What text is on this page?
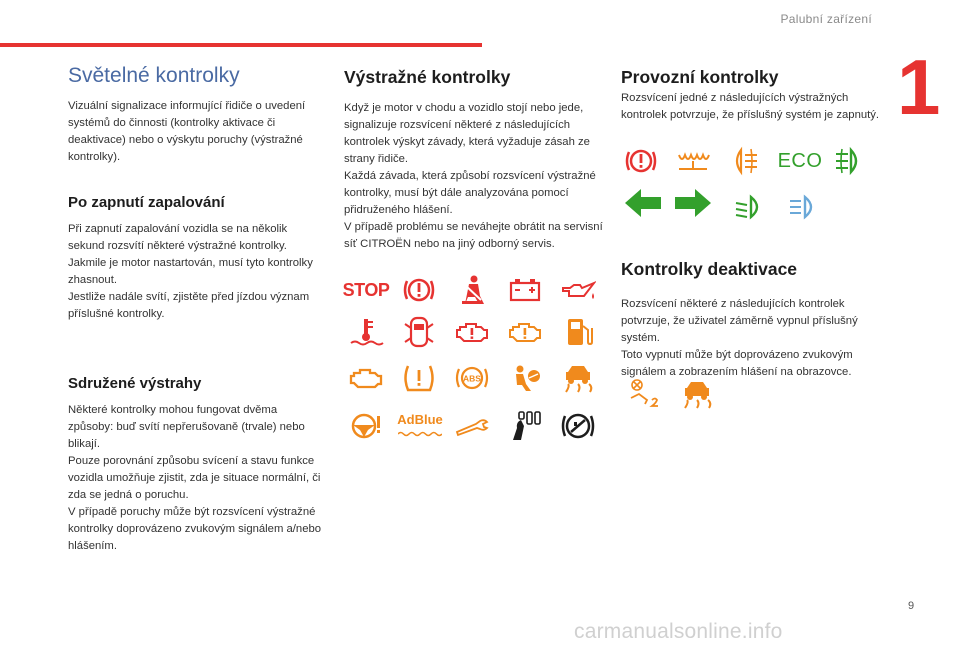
Palubní zařízení
1
9
carmanualsonline.info
Světelné kontrolky

Vizuální signalizace informující řidiče o uvedení systémů do činnosti (kontrolky aktivace či deaktivace) nebo o výskytu poruchy (výstražné kontrolky).

Po zapnutí zapalování

Při zapnutí zapalování vozidla se na několik sekund rozsvítí některé výstražné kontrolky. Jakmile je motor nastartován, musí tyto kontrolky zhasnout.
Jestliže nadále svítí, zjistěte před jízdou význam příslušné kontrolky.

Sdružené výstrahy

Některé kontrolky mohou fungovat dvěma způsoby: buď svítí nepřerušovaně (trvale) nebo blikají.
Pouze porovnání způsobu svícení a stavu funkce vozidla umožňuje zjistit, zda je situace normální, či zda se jedná o poruchu.
V případě poruchy může být rozsvícení výstražné kontrolky doprovázeno zvukovým signálem a/nebo hlášením.

Výstražné kontrolky

Když je motor v chodu a vozidlo stojí nebo jede, signalizuje rozsvícení některé z následujících kontrolek výskyt závady, která vyžaduje zásah ze strany řidiče.
Každá závada, která způsobí rozsvícení výstražné kontrolky, musí být dále analyzována pomocí přidruženého hlášení.
V případě problému se neváhejte obrátit na servisní síť CITROËN nebo na jiný odborný servis.

STOP
ABS
AdBlue
Provozní kontrolky

Rozsvícení jedné z následujících výstražných kontrolek potvrzuje, že příslušný systém je zapnutý.

ECO
Kontrolky deaktivace

Rozsvícení některé z následujících kontrolek potvrzuje, že uživatel záměrně vypnul příslušný systém.
Toto vypnutí může být doprovázeno zvukovým signálem a zobrazením hlášení na obrazovce.
